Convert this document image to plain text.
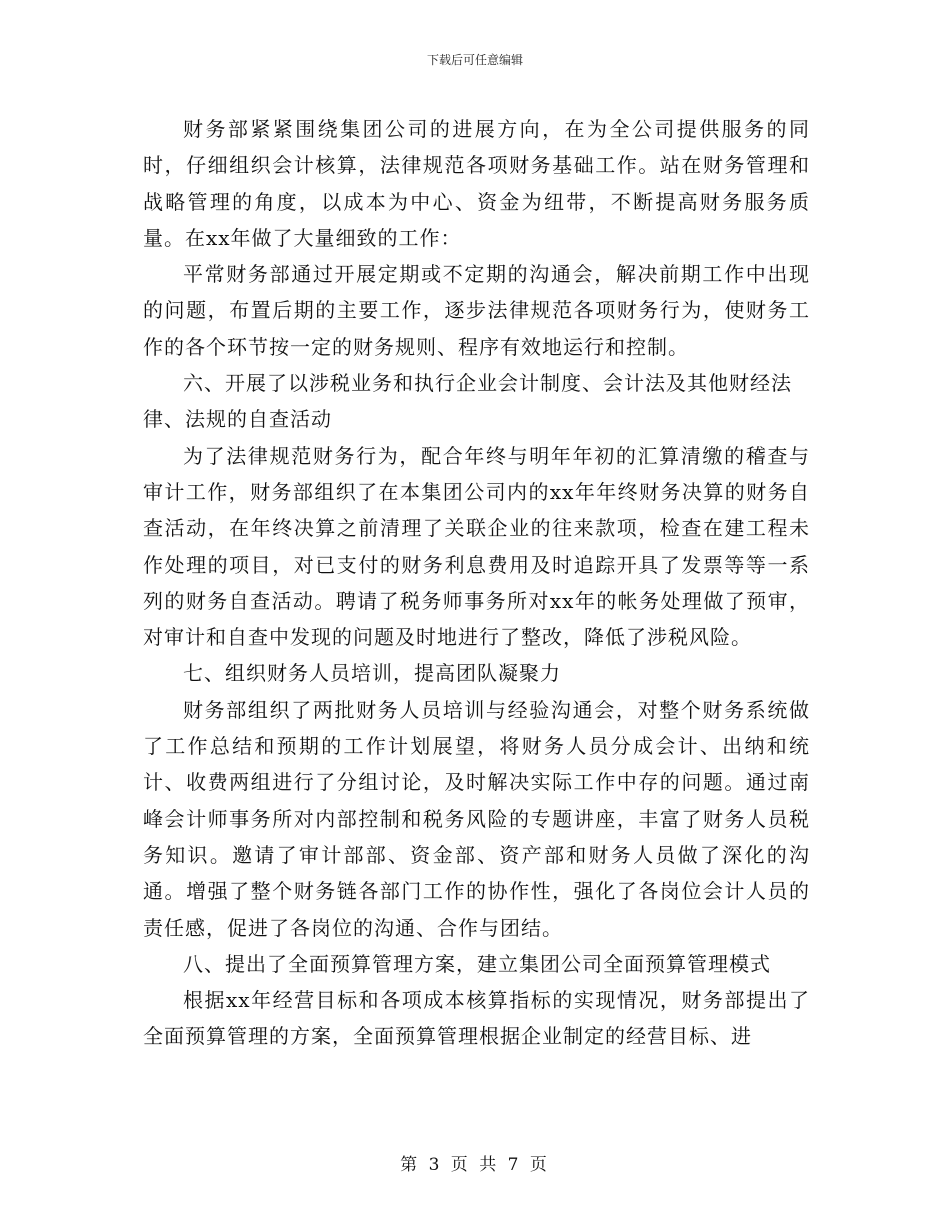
下载后可任意编辑

财务部紧紧围绕集团公司的进展方向，在为全公司提供服务的同时，仔细组织会计核算，法律规范各项财务基础工作。站在财务管理和战略管理的角度，以成本为中心、资金为纽带，不断提高财务服务质量。在xx年做了大量细致的工作：

平常财务部通过开展定期或不定期的沟通会，解决前期工作中出现的问题，布置后期的主要工作，逐步法律规范各项财务行为，使财务工作的各个环节按一定的财务规则、程序有效地运行和控制。

六、开展了以涉税业务和执行企业会计制度、会计法及其他财经法律、法规的自查活动

为了法律规范财务行为，配合年终与明年年初的汇算清缴的稽查与审计工作，财务部组织了在本集团公司内的xx年年终财务决算的财务自查活动，在年终决算之前清理了关联企业的往来款项，检查在建工程未作处理的项目，对已支付的财务利息费用及时追踪开具了发票等等一系列的财务自查活动。聘请了税务师事务所对xx年的帐务处理做了预审，对审计和自查中发现的问题及时地进行了整改，降低了涉税风险。

七、组织财务人员培训，提高团队凝聚力

财务部组织了两批财务人员培训与经验沟通会，对整个财务系统做了工作总结和预期的工作计划展望，将财务人员分成会计、出纳和统计、收费两组进行了分组讨论，及时解决实际工作中存的问题。通过南峰会计师事务所对内部控制和税务风险的专题讲座，丰富了财务人员税务知识。邀请了审计部部、资金部、资产部和财务人员做了深化的沟通。增强了整个财务链各部门工作的协作性，强化了各岗位会计人员的责任感，促进了各岗位的沟通、合作与团结。

八、提出了全面预算管理方案，建立集团公司全面预算管理模式

根据xx年经营目标和各项成本核算指标的实现情况，财务部提出了全面预算管理的方案，全面预算管理根据企业制定的经营目标、进

第 3 页 共 7 页
